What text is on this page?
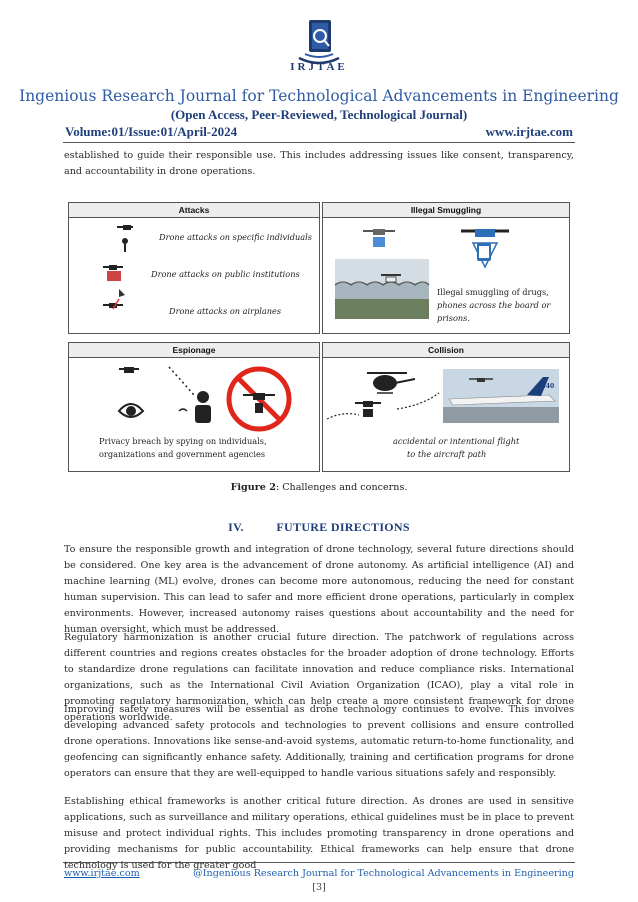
IRJTAE
Ingenious Research Journal for Technological Advancements in Engineering
(Open Access, Peer-Reviewed, Technological Journal)
Volume:01/Issue:01/April-2024	www.irjtae.com
established to guide their responsible use. This includes addressing issues like consent, transparency, and accountability in drone operations.
Attacks
Drone attacks on specific individuals
Drone attacks on public institutions
Drone attacks on airplanes
Illegal Smuggling
Illegal smuggling of drugs,
phones across the board or
prisons.
Espionage
Privacy breach by spying on individuals,
organizations and government agencies
Collision
A340
accidental or intentional flight
to the aircraft path
Figure 2: Challenges and concerns.
IV.	FUTURE DIRECTIONS
To ensure the responsible growth and integration of drone technology, several future directions should be considered. One key area is the advancement of drone autonomy. As artificial intelligence (AI) and machine learning (ML) evolve, drones can become more autonomous, reducing the need for constant human supervision. This can lead to safer and more efficient drone operations, particularly in complex environments. However, increased autonomy raises questions about accountability and the need for human oversight, which must be addressed.
Regulatory harmonization is another crucial future direction. The patchwork of regulations across different countries and regions creates obstacles for the broader adoption of drone technology. Efforts to standardize drone regulations can facilitate innovation and reduce compliance risks. International organizations, such as the International Civil Aviation Organization (ICAO), play a vital role in promoting regulatory harmonization, which can help create a more consistent framework for drone operations worldwide.
Improving safety measures will be essential as drone technology continues to evolve. This involves developing advanced safety protocols and technologies to prevent collisions and ensure controlled drone operations. Innovations like sense-and-avoid systems, automatic return-to-home functionality, and geofencing can significantly enhance safety. Additionally, training and certification programs for drone operators can ensure that they are well-equipped to handle various situations safely and responsibly.
Establishing ethical frameworks is another critical future direction. As drones are used in sensitive applications, such as surveillance and military operations, ethical guidelines must be in place to prevent misuse and protect individual rights. This includes promoting transparency in drone operations and providing mechanisms for public accountability. Ethical frameworks can help ensure that drone technology is used for the greater good
www.irjtae.com	@Ingenious Research Journal for Technological Advancements in Engineering
[3]
